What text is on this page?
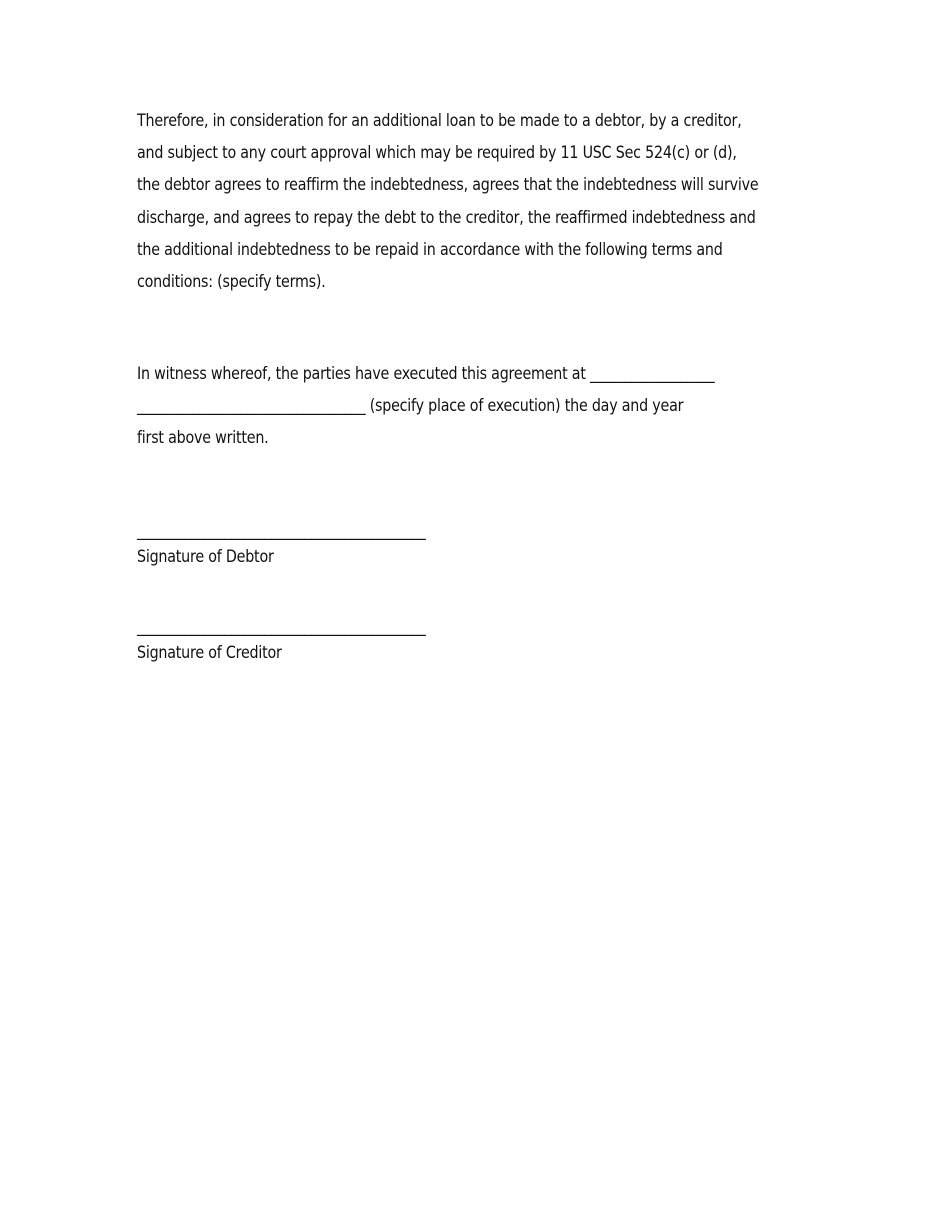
Therefore, in consideration for an additional loan to be made to a debtor, by a creditor,
and subject to any court approval which may be required by 11 USC Sec 524(c) or (d),
the debtor agrees to reaffirm the indebtedness, agrees that the indebtedness will survive
discharge, and agrees to repay the debt to the creditor, the reaffirmed indebtedness and
the additional indebtedness to be repaid in accordance with the following terms and
conditions: (specify terms).
In witness whereof, the parties have executed this agreement at __________________
_________________________________ (specify place of execution) the day and year
first above written.
___________________________________________
Signature of Debtor
___________________________________________
Signature of Creditor
